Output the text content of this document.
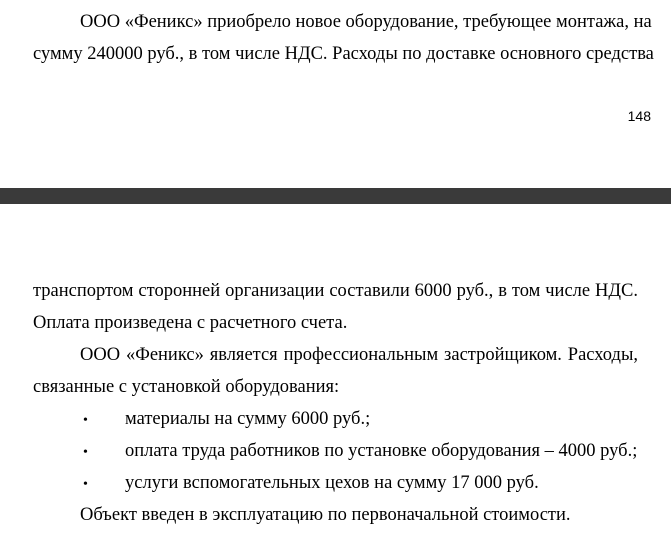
ООО «Феникс» приобрело новое оборудование, требующее монтажа, на
сумму 240000 руб., в том числе НДС. Расходы по доставке основного средства
148
транспортом сторонней организации составили 6000 руб., в том числе НДС.
Оплата произведена с расчетного счета.
ООО «Феникс» является профессиональным застройщиком. Расходы,
связанные с установкой оборудования:
• материалы на сумму 6000 руб.;
• оплата труда работников по установке оборудования – 4000 руб.;
• услуги вспомогательных цехов на сумму 17 000 руб.
Объект введен в эксплуатацию по первоначальной стоимости.
